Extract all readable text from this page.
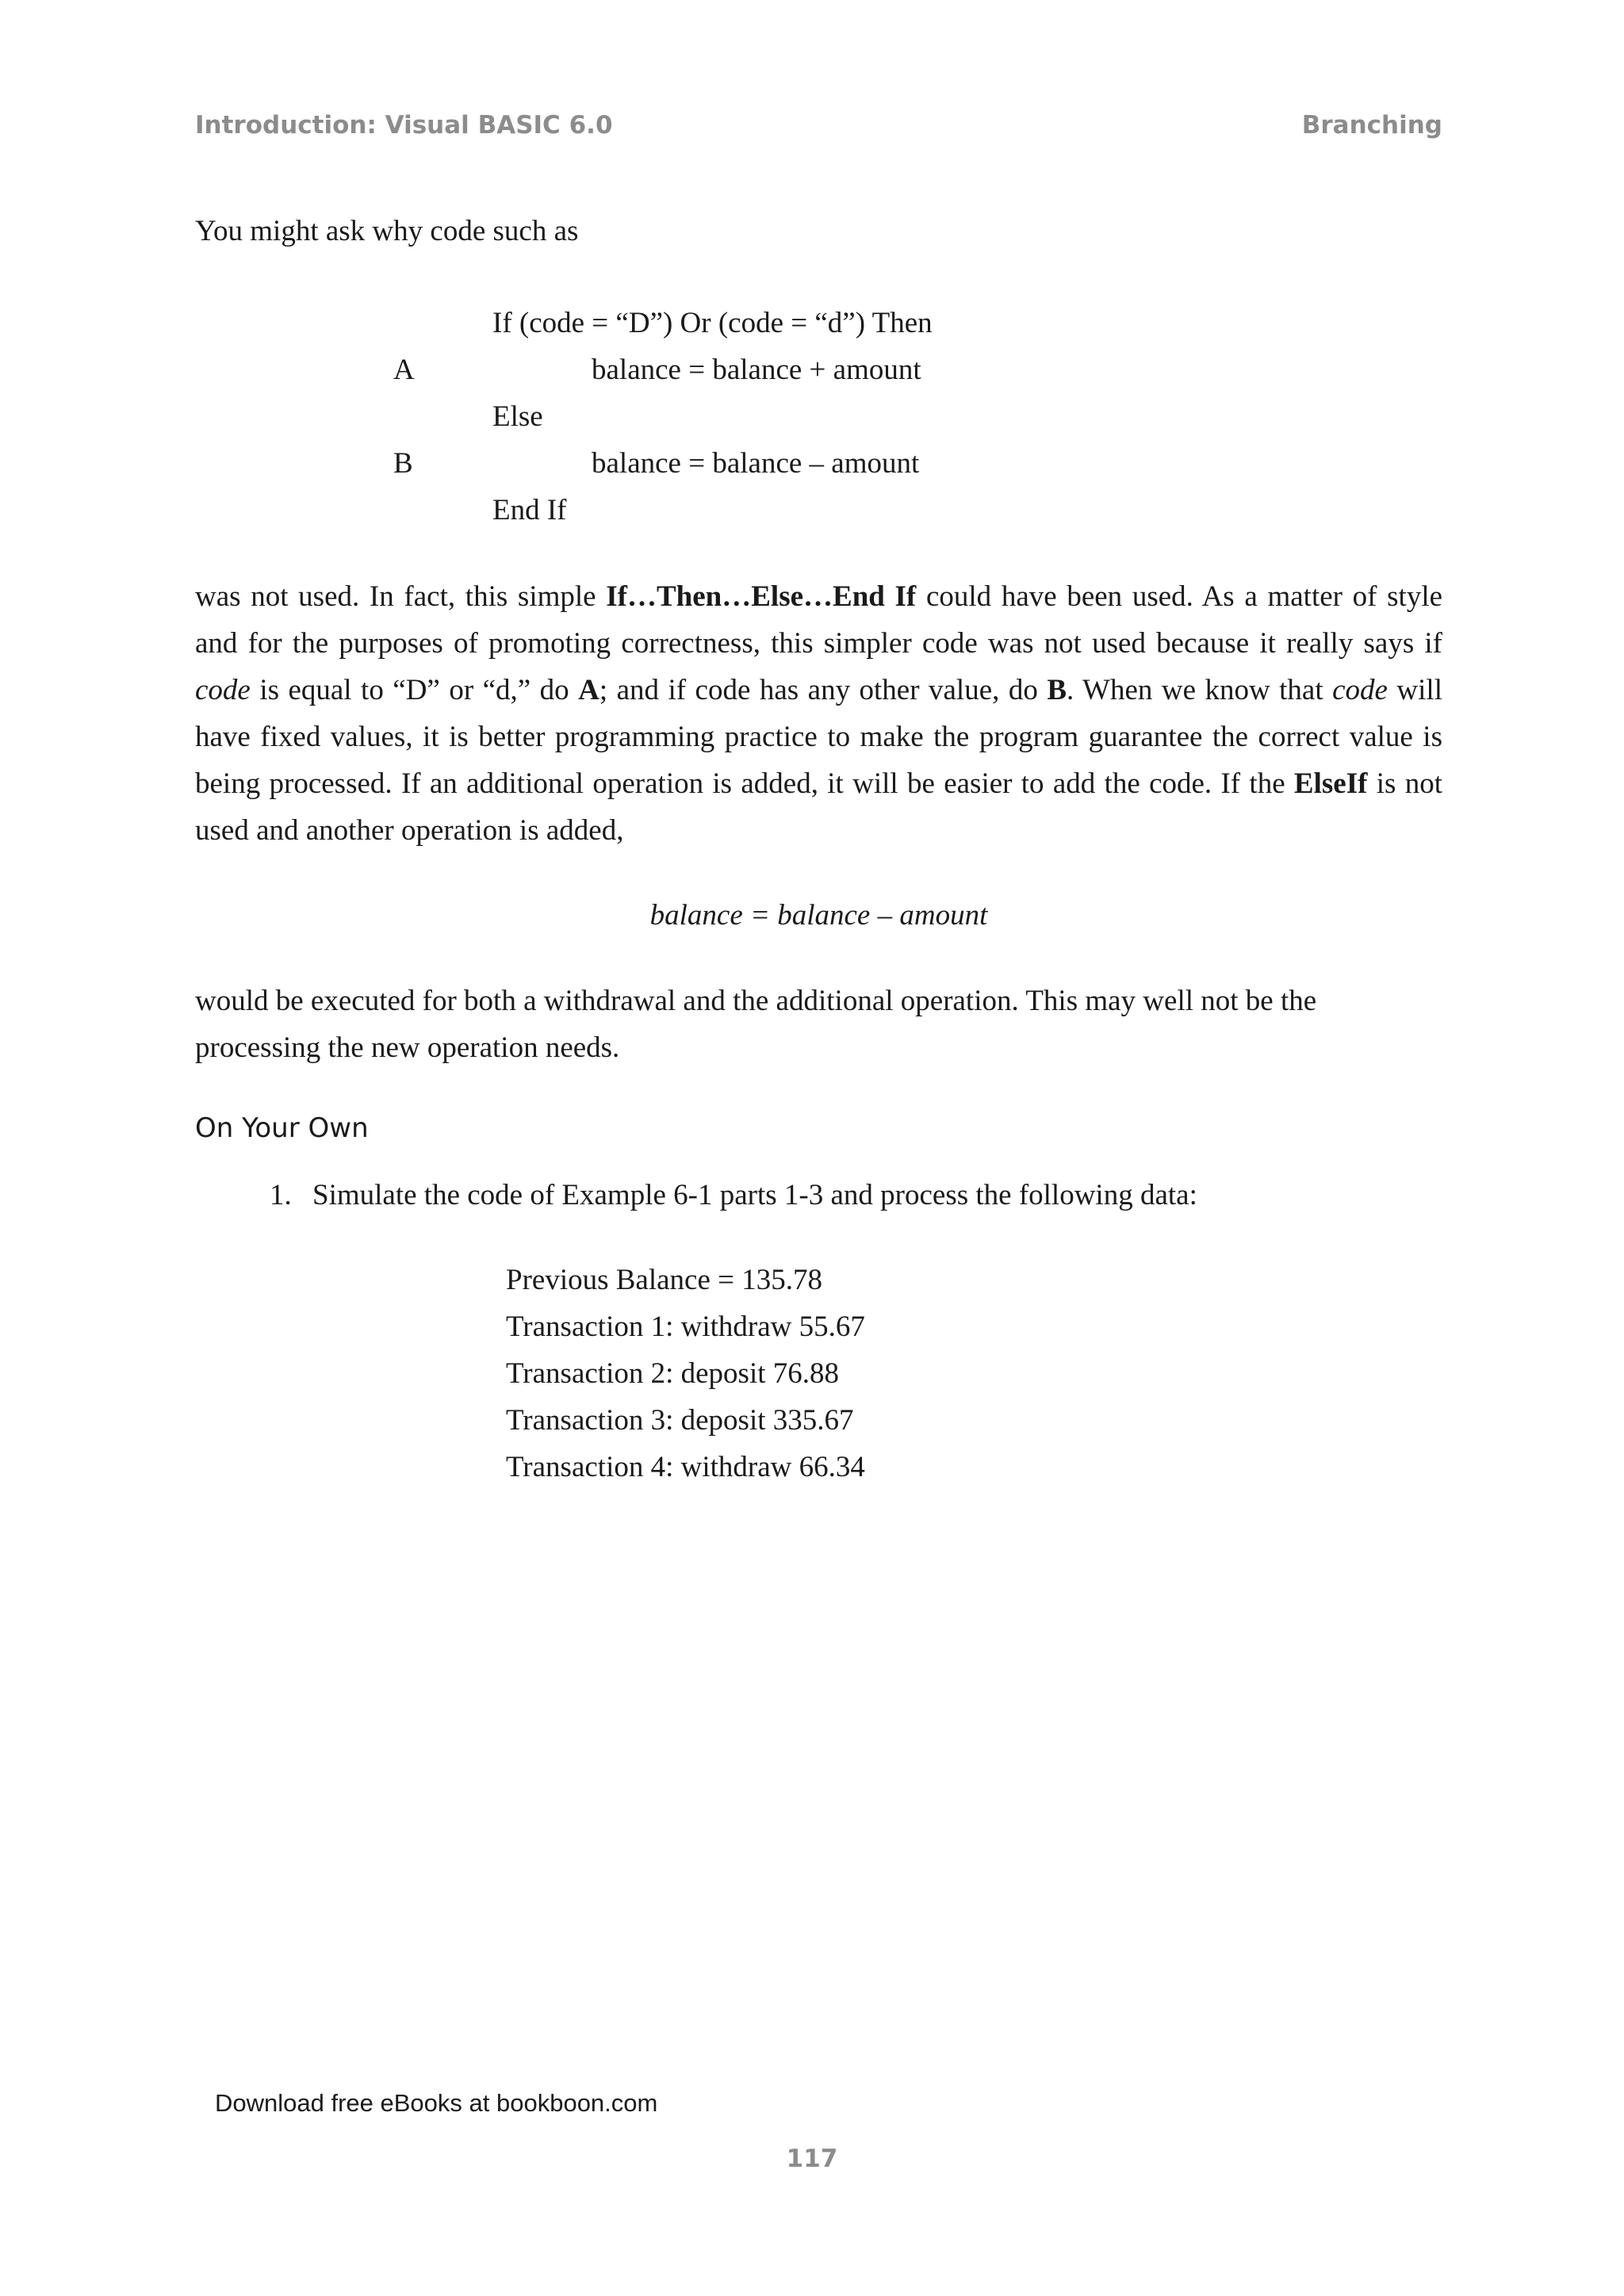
Introduction: Visual BASIC 6.0	Branching
You might ask why code such as
If (code = “D”) Or (code = “d”) Then
A	balance = balance + amount
Else
B	balance = balance – amount
End If
was not used. In fact, this simple If…Then…Else…End If could have been used. As a matter of style and for the purposes of promoting correctness, this simpler code was not used because it really says if code is equal to “D” or “d,” do A; and if code has any other value, do B. When we know that code will have fixed values, it is better programming practice to make the program guarantee the correct value is being processed. If an additional operation is added, it will be easier to add the code. If the ElseIf is not used and another operation is added,
balance = balance – amount
would be executed for both a withdrawal and the additional operation. This may well not be the processing the new operation needs.
On Your Own
1. Simulate the code of Example 6-1 parts 1-3 and process the following data:
Previous Balance = 135.78
Transaction 1: withdraw 55.67
Transaction 2: deposit 76.88
Transaction 3: deposit 335.67
Transaction 4: withdraw 66.34
Download free eBooks at bookboon.com
117
